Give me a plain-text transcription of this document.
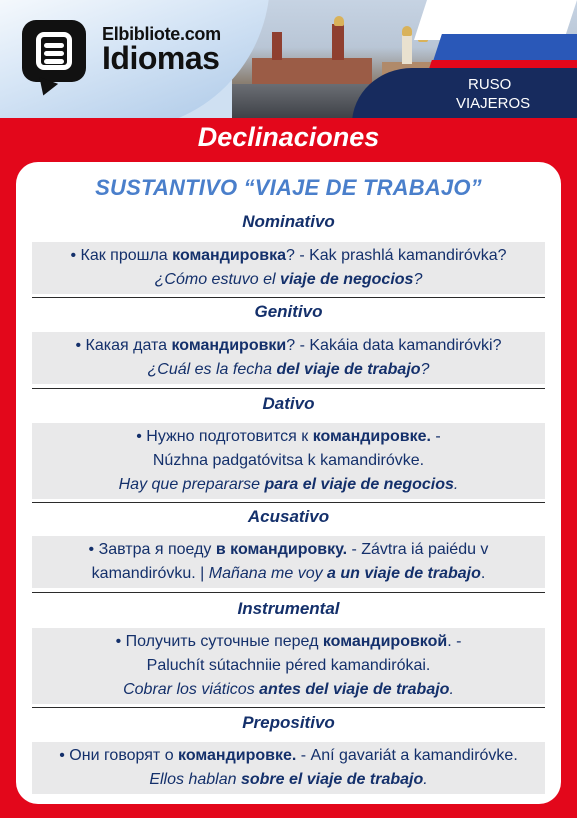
Elbibliote.com
Idiomas
RUSO
VIAJEROS
Declinaciones
SUSTANTIVO “VIAJE DE TRABAJO”
Nominativo
• Как прошла командировка? - Kak prashlá kamandiróvka?
¿Cómo estuvo el viaje de negocios?
Genitivo
• Какая дата командировки? - Kakáia data kamandiróvki?
¿Cuál es la fecha del viaje de trabajo?
Dativo
• Нужно подготовится к командировке. -
Núzhna padgatóvitsa k kamandiróvke.
Hay que prepararse para el viaje de negocios.
Acusativo
• Завтра я поеду в командировку. - Závtra iá paiédu v
kamandiróvku. | Mañana me voy a un viaje de trabajo.
Instrumental
• Получить суточные перед командировкой. -
Paluchít sútachniie péred kamandirókai.
Cobrar los viáticos antes del viaje de trabajo.
Prepositivo
• Они говорят о командировке. - Aní gavariát a kamandiróvke.
Ellos hablan sobre el viaje de trabajo.
